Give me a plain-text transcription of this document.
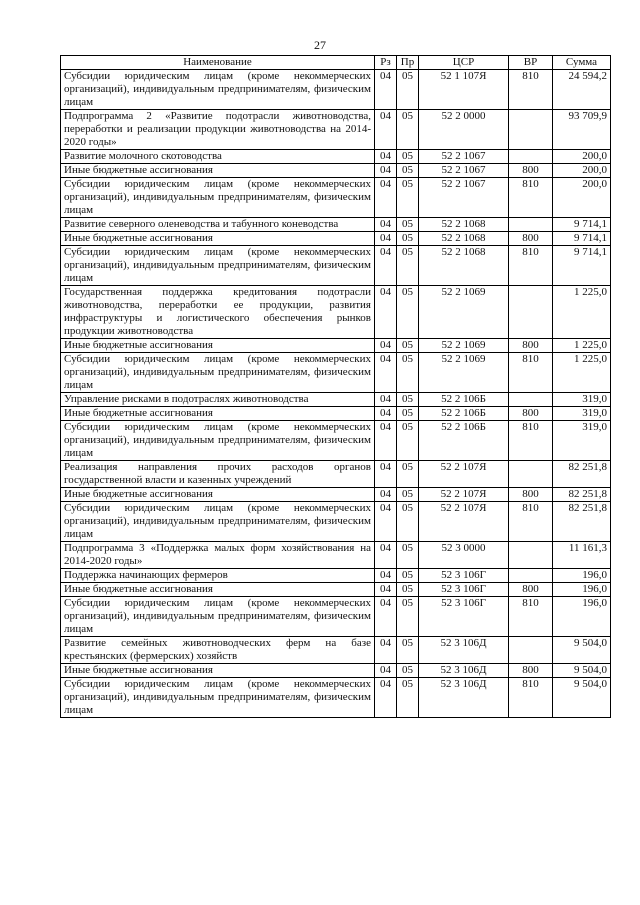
27
Наименование	Рз	Пр	ЦСР	ВР	Сумма
Субсидии юридическим лицам (кроме некоммерческих организаций), индивидуальным предпринимателям, физическим лицам	04	05	52 1 107Я	810	24 594,2
Подпрограмма 2 «Развитие подотрасли животноводства, переработки и реализации продукции животноводства на 2014-2020 годы»	04	05	52 2 0000		93 709,9
Развитие молочного скотоводства	04	05	52 2 1067		200,0
Иные бюджетные ассигнования	04	05	52 2 1067	800	200,0
Субсидии юридическим лицам (кроме некоммерческих организаций), индивидуальным предпринимателям, физическим лицам	04	05	52 2 1067	810	200,0
Развитие северного оленеводства и табунного коневодства	04	05	52 2 1068		9 714,1
Иные бюджетные ассигнования	04	05	52 2 1068	800	9 714,1
Субсидии юридическим лицам (кроме некоммерческих организаций), индивидуальным предпринимателям, физическим лицам	04	05	52 2 1068	810	9 714,1
Государственная поддержка кредитования подотрасли животноводства, переработки ее продукции, развития инфраструктуры и логистического обеспечения рынков продукции животноводства	04	05	52 2 1069		1 225,0
Иные бюджетные ассигнования	04	05	52 2 1069	800	1 225,0
Субсидии юридическим лицам (кроме некоммерческих организаций), индивидуальным предпринимателям, физическим лицам	04	05	52 2 1069	810	1 225,0
Управление рисками в подотраслях животноводства	04	05	52 2 106Б		319,0
Иные бюджетные ассигнования	04	05	52 2 106Б	800	319,0
Субсидии юридическим лицам (кроме некоммерческих организаций), индивидуальным предпринимателям, физическим лицам	04	05	52 2 106Б	810	319,0
Реализация направления прочих расходов органов государственной власти и казенных учреждений	04	05	52 2 107Я		82 251,8
Иные бюджетные ассигнования	04	05	52 2 107Я	800	82 251,8
Субсидии юридическим лицам (кроме некоммерческих организаций), индивидуальным предпринимателям, физическим лицам	04	05	52 2 107Я	810	82 251,8
Подпрограмма 3 «Поддержка малых форм хозяйствования на 2014-2020 годы»	04	05	52 3 0000		11 161,3
Поддержка начинающих фермеров	04	05	52 3 106Г		196,0
Иные бюджетные ассигнования	04	05	52 3 106Г	800	196,0
Субсидии юридическим лицам (кроме некоммерческих организаций), индивидуальным предпринимателям, физическим лицам	04	05	52 3 106Г	810	196,0
Развитие семейных животноводческих ферм на базе крестьянских (фермерских) хозяйств	04	05	52 3 106Д		9 504,0
Иные бюджетные ассигнования	04	05	52 3 106Д	800	9 504,0
Субсидии юридическим лицам (кроме некоммерческих организаций), индивидуальным предпринимателям, физическим лицам	04	05	52 3 106Д	810	9 504,0
